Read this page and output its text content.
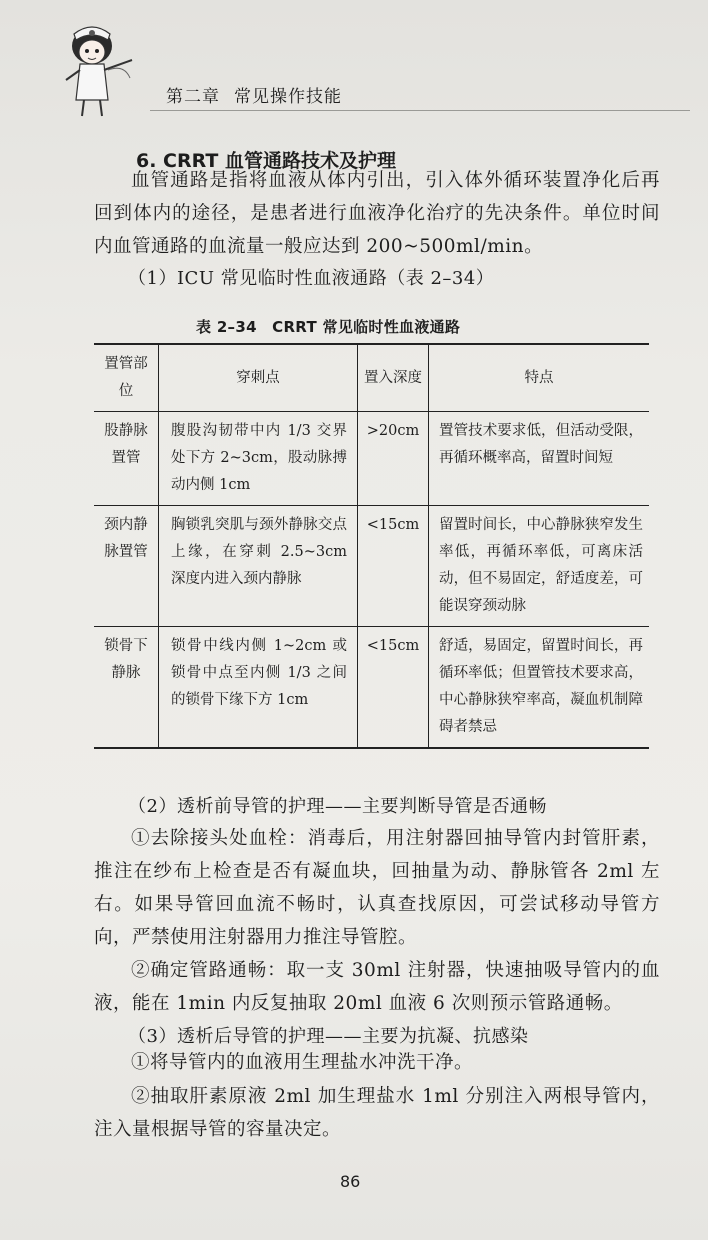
第二章 常见操作技能
6. CRRT 血管通路技术及护理
血管通路是指将血液从体内引出，引入体外循环装置净化后再回到体内的途径，是患者进行血液净化治疗的先决条件。单位时间内血管通路的血流量一般应达到 200~500ml/min。
（1）ICU 常见临时性血液通路（表 2–34）
表 2–34　CRRT 常见临时性血液通路
置管部位	穿刺点	置入深度	特点
股静脉置管	腹股沟韧带中内 1/3 交界处下方 2~3cm，股动脉搏动内侧 1cm	>20cm	置管技术要求低，但活动受限，再循环概率高，留置时间短
颈内静脉置管	胸锁乳突肌与颈外静脉交点上缘，在穿刺 2.5~3cm 深度内进入颈内静脉	<15cm	留置时间长，中心静脉狭窄发生率低，再循环率低，可离床活动，但不易固定，舒适度差，可能误穿颈动脉
锁骨下静脉	锁骨中线内侧 1~2cm 或锁骨中点至内侧 1/3 之间的锁骨下缘下方 1cm	<15cm	舒适，易固定，留置时间长，再循环率低；但置管技术要求高，中心静脉狭窄率高，凝血机制障碍者禁忌
（2）透析前导管的护理——主要判断导管是否通畅
①去除接头处血栓：消毒后，用注射器回抽导管内封管肝素，推注在纱布上检查是否有凝血块，回抽量为动、静脉管各 2ml 左右。如果导管回血流不畅时，认真查找原因，可尝试移动导管方向，严禁使用注射器用力推注导管腔。
②确定管路通畅：取一支 30ml 注射器，快速抽吸导管内的血液，能在 1min 内反复抽取 20ml 血液 6 次则预示管路通畅。
（3）透析后导管的护理——主要为抗凝、抗感染
①将导管内的血液用生理盐水冲洗干净。
②抽取肝素原液 2ml 加生理盐水 1ml 分别注入两根导管内，注入量根据导管的容量决定。
86
